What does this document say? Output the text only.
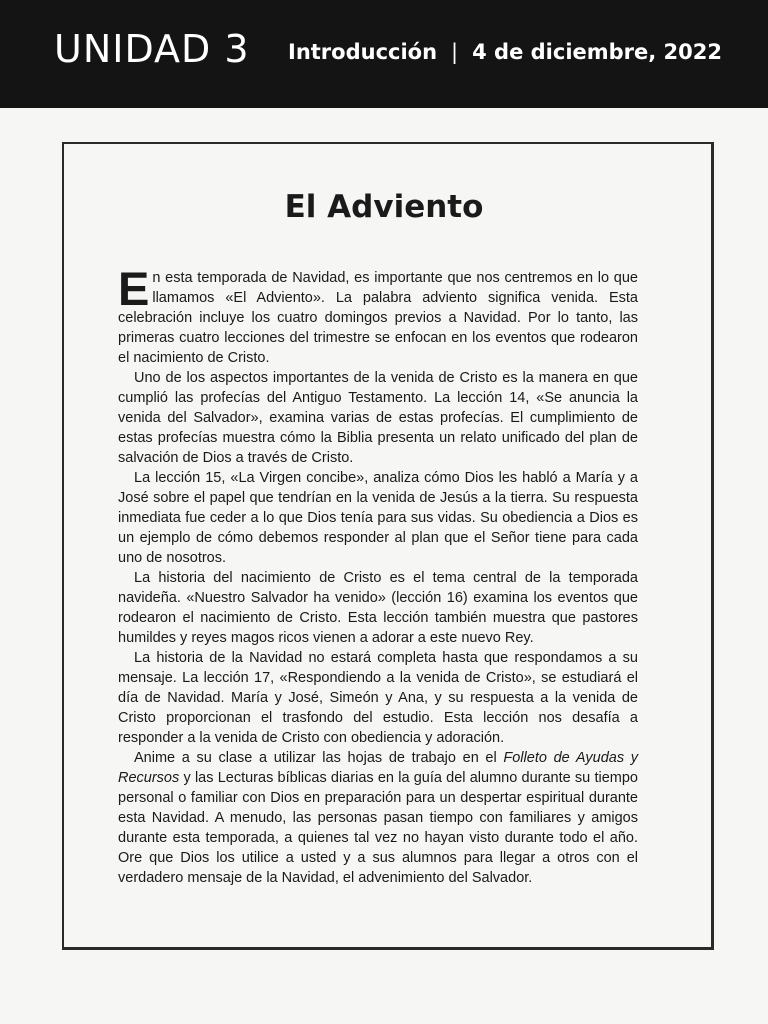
UNIDAD 3 Introducción | 4 de diciembre, 2022
El Adviento

En esta temporada de Navidad, es importante que nos centremos en lo que llamamos «El Adviento». La palabra adviento significa venida. Esta celebración incluye los cuatro domingos previos a Navidad. Por lo tanto, las primeras cuatro lecciones del trimestre se enfocan en los eventos que rodearon el nacimiento de Cristo.

Uno de los aspectos importantes de la venida de Cristo es la manera en que cumplió las profecías del Antiguo Testamento. La lección 14, «Se anuncia la venida del Salvador», examina varias de estas profecías. El cumplimiento de estas profecías muestra cómo la Biblia presenta un relato unificado del plan de salvación de Dios a través de Cristo.

La lección 15, «La Virgen concibe», analiza cómo Dios les habló a María y a José sobre el papel que tendrían en la venida de Jesús a la tierra. Su respuesta inmediata fue ceder a lo que Dios tenía para sus vidas. Su obediencia a Dios es un ejemplo de cómo debemos responder al plan que el Señor tiene para cada uno de nosotros.

La historia del nacimiento de Cristo es el tema central de la temporada navideña. «Nuestro Salvador ha venido» (lección 16) examina los eventos que rodearon el nacimiento de Cristo. Esta lección también muestra que pastores humildes y reyes magos ricos vienen a adorar a este nuevo Rey.

La historia de la Navidad no estará completa hasta que respondamos a su mensaje. La lección 17, «Respondiendo a la venida de Cristo», se estudiará el día de Navidad. María y José, Simeón y Ana, y su respuesta a la venida de Cristo proporcionan el trasfondo del estudio. Esta lección nos desafía a responder a la venida de Cristo con obediencia y adoración.

Anime a su clase a utilizar las hojas de trabajo en el Folleto de Ayudas y Recursos y las Lecturas bíblicas diarias en la guía del alumno durante su tiempo personal o familiar con Dios en preparación para un despertar espiritual durante esta Navidad. A menudo, las personas pasan tiempo con familiares y amigos durante esta temporada, a quienes tal vez no hayan visto durante todo el año. Ore que Dios los utilice a usted y a sus alumnos para llegar a otros con el verdadero mensaje de la Navidad, el advenimiento del Salvador.
